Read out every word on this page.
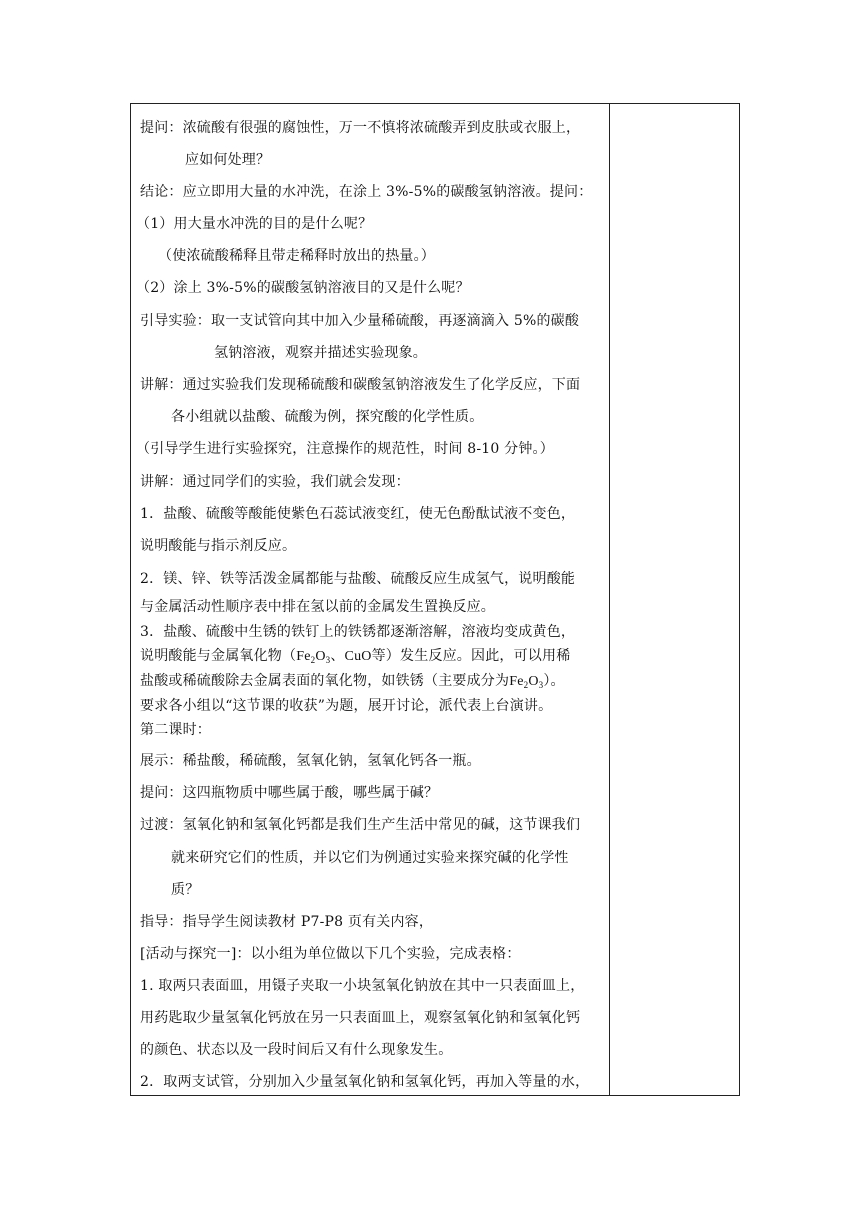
提问：浓硫酸有很强的腐蚀性，万一不慎将浓硫酸弄到皮肤或衣服上，
应如何处理？
结论：应立即用大量的水冲洗，在涂上 3%-5%的碳酸氢钠溶液。提问：
（1）用大量水冲洗的目的是什么呢？
（使浓硫酸稀释且带走稀释时放出的热量。）
（2）涂上 3%-5%的碳酸氢钠溶液目的又是什么呢？
引导实验：取一支试管向其中加入少量稀硫酸，再逐滴滴入 5%的碳酸
氢钠溶液，观察并描述实验现象。
讲解：通过实验我们发现稀硫酸和碳酸氢钠溶液发生了化学反应，下面
各小组就以盐酸、硫酸为例，探究酸的化学性质。
（引导学生进行实验探究，注意操作的规范性，时间 8-10 分钟。）
讲解：通过同学们的实验，我们就会发现：
1．盐酸、硫酸等酸能使紫色石蕊试液变红，使无色酚酞试液不变色，
说明酸能与指示剂反应。
2．镁、锌、铁等活泼金属都能与盐酸、硫酸反应生成氢气，说明酸能
与金属活动性顺序表中排在氢以前的金属发生置换反应。
3．盐酸、硫酸中生锈的铁钉上的铁锈都逐渐溶解，溶液均变成黄色，
说明酸能与金属氧化物（$Fe_2O_3$、CuO等）发生反应。因此，可以用稀
盐酸或稀硫酸除去金属表面的氧化物，如铁锈（主要成分为$Fe_2O_3$）。
要求各小组以“这节课的收获”为题，展开讨论，派代表上台演讲。
第二课时：
展示：稀盐酸，稀硫酸，氢氧化钠，氢氧化钙各一瓶。
提问：这四瓶物质中哪些属于酸，哪些属于碱？
过渡：氢氧化钠和氢氧化钙都是我们生产生活中常见的碱，这节课我们
就来研究它们的性质，并以它们为例通过实验来探究碱的化学性
质？
指导：指导学生阅读教材 P7-P8 页有关内容，
[活动与探究一]：以小组为单位做以下几个实验，完成表格：
1. 取两只表面皿，用镊子夹取一小块氢氧化钠放在其中一只表面皿上，
用药匙取少量氢氧化钙放在另一只表面皿上，观察氢氧化钠和氢氧化钙
的颜色、状态以及一段时间后又有什么现象发生。
2．取两支试管，分别加入少量氢氧化钠和氢氧化钙，再加入等量的水，
